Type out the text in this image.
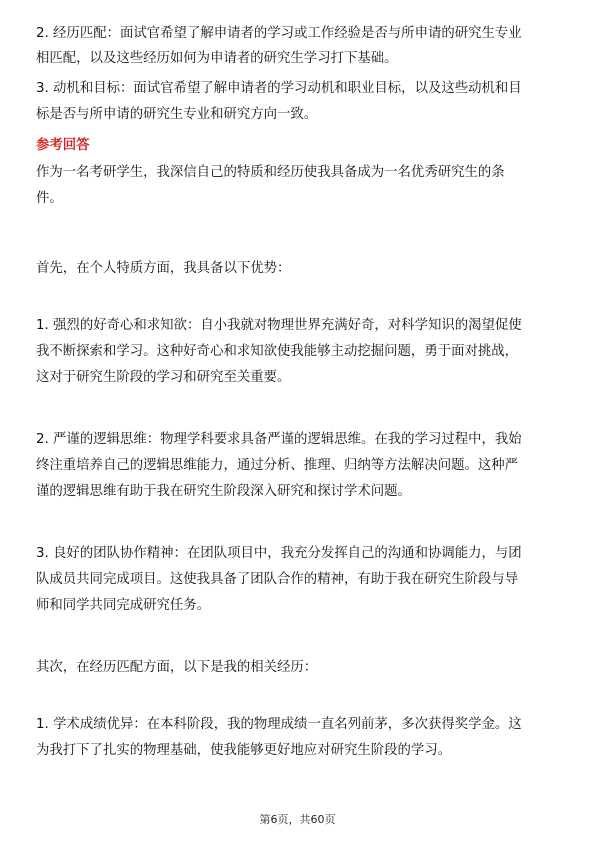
2. 经历匹配：面试官希望了解申请者的学习或工作经验是否与所申请的研究生专业
相匹配，以及这些经历如何为申请者的研究生学习打下基础。
3. 动机和目标：面试官希望了解申请者的学习动机和职业目标，以及这些动机和目
标是否与所申请的研究生专业和研究方向一致。
参考回答
作为一名考研学生，我深信自己的特质和经历使我具备成为一名优秀研究生的条
件。
首先，在个人特质方面，我具备以下优势：
1. 强烈的好奇心和求知欲：自小我就对物理世界充满好奇，对科学知识的渴望促使
我不断探索和学习。这种好奇心和求知欲使我能够主动挖掘问题，勇于面对挑战，
这对于研究生阶段的学习和研究至关重要。
2. 严谨的逻辑思维：物理学科要求具备严谨的逻辑思维。在我的学习过程中，我始
终注重培养自己的逻辑思维能力，通过分析、推理、归纳等方法解决问题。这种严
谨的逻辑思维有助于我在研究生阶段深入研究和探讨学术问题。
3. 良好的团队协作精神：在团队项目中，我充分发挥自己的沟通和协调能力，与团
队成员共同完成项目。这使我具备了团队合作的精神，有助于我在研究生阶段与导
师和同学共同完成研究任务。
其次，在经历匹配方面，以下是我的相关经历：
1. 学术成绩优异：在本科阶段，我的物理成绩一直名列前茅，多次获得奖学金。这
为我打下了扎实的物理基础，使我能够更好地应对研究生阶段的学习。
第6页，共60页
